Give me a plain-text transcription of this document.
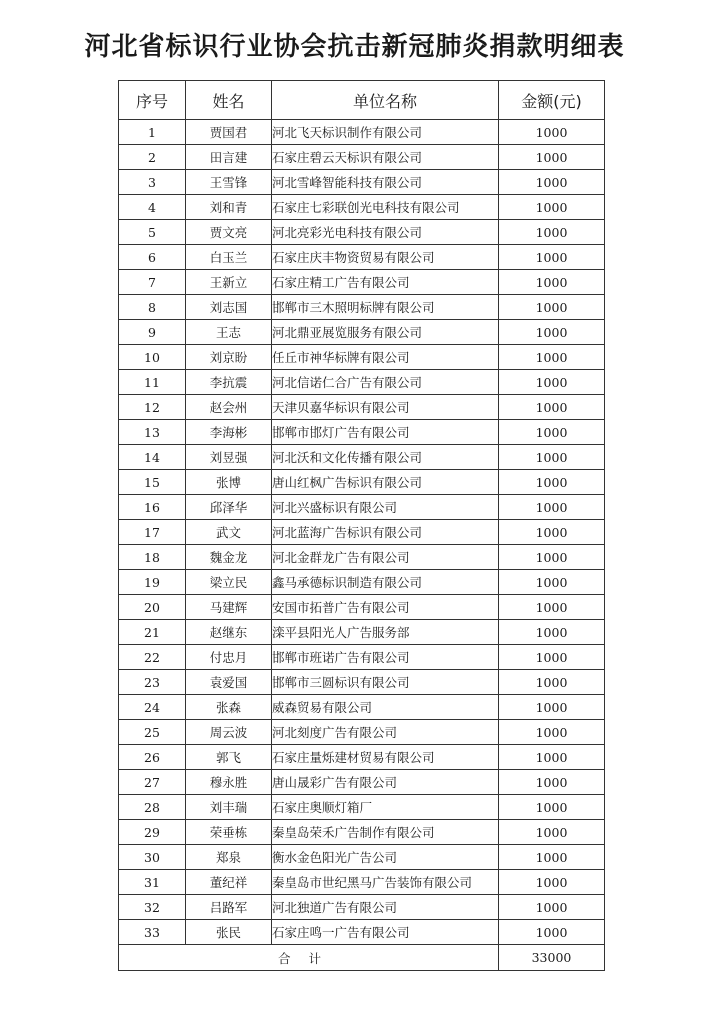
河北省标识行业协会抗击新冠肺炎捐款明细表
序号	姓名	单位名称	金额(元)
1	贾国君	河北飞天标识制作有限公司	1000
2	田言建	石家庄碧云天标识有限公司	1000
3	王雪锋	河北雪峰智能科技有限公司	1000
4	刘和青	石家庄七彩联创光电科技有限公司	1000
5	贾文亮	河北亮彩光电科技有限公司	1000
6	白玉兰	石家庄庆丰物资贸易有限公司	1000
7	王新立	石家庄精工广告有限公司	1000
8	刘志国	邯郸市三木照明标牌有限公司	1000
9	王志	河北鼎亚展览服务有限公司	1000
10	刘京盼	任丘市神华标牌有限公司	1000
11	李抗震	河北信诺仁合广告有限公司	1000
12	赵会州	天津贝嘉华标识有限公司	1000
13	李海彬	邯郸市邯灯广告有限公司	1000
14	刘昱强	河北沃和文化传播有限公司	1000
15	张博	唐山红枫广告标识有限公司	1000
16	邱泽华	河北兴盛标识有限公司	1000
17	武文	河北蓝海广告标识有限公司	1000
18	魏金龙	河北金群龙广告有限公司	1000
19	梁立民	鑫马承德标识制造有限公司	1000
20	马建辉	安国市拓普广告有限公司	1000
21	赵继东	滦平县阳光人广告服务部	1000
22	付忠月	邯郸市班诺广告有限公司	1000
23	袁爱国	邯郸市三圆标识有限公司	1000
24	张森	威森贸易有限公司	1000
25	周云波	河北刻度广告有限公司	1000
26	郭飞	石家庄量烁建材贸易有限公司	1000
27	穆永胜	唐山晟彩广告有限公司	1000
28	刘丰瑞	石家庄奥顺灯箱厂	1000
29	荣垂栋	秦皇岛荣禾广告制作有限公司	1000
30	郑泉	衡水金色阳光广告公司	1000
31	董纪祥	秦皇岛市世纪黑马广告装饰有限公司	1000
32	吕路军	河北独道广告有限公司	1000
33	张民	石家庄鸣一广告有限公司	1000
合计			33000
